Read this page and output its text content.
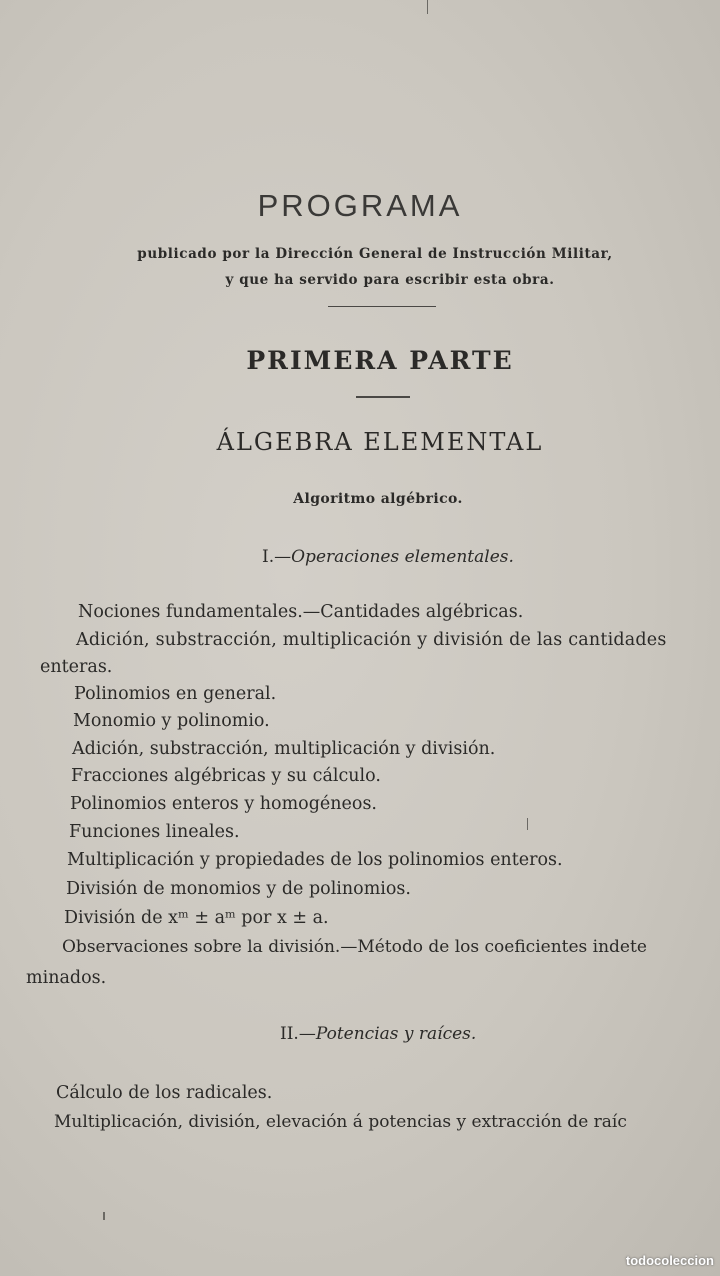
PROGRAMA
publicado por la Dirección General de Instrucción Militar,
y que ha servido para escribir esta obra.
PRIMERA PARTE
ÁLGEBRA ELEMENTAL
Algoritmo algébrico.
I.—Operaciones elementales.
Nociones fundamentales.—Cantidades algébricas.
Adición, substracción, multiplicación y división de las cantidades
enteras.
Polinomios en general.
Monomio y polinomio.
Adición, substracción, multiplicación y división.
Fracciones algébricas y su cálculo.
Polinomios enteros y homogéneos.
Funciones lineales.
Multiplicación y propiedades de los polinomios enteros.
División de monomios y de polinomios.
División de xᵐ ± aᵐ por x ± a.
Observaciones sobre la división.—Método de los coeficientes indete
minados.
II.—Potencias y raíces.
Cálculo de los radicales.
Multiplicación, división, elevación á potencias y extracción de raíc
todocoleccion
